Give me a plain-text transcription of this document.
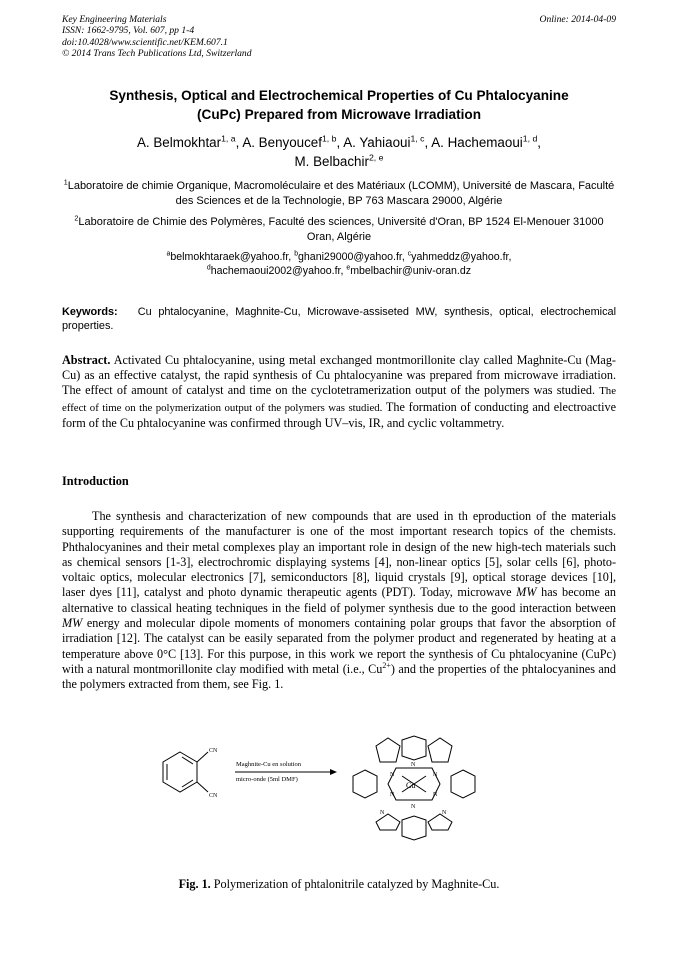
Key Engineering Materials
ISSN: 1662-9795, Vol. 607, pp 1-4
doi:10.4028/www.scientific.net/KEM.607.1
© 2014 Trans Tech Publications Ltd, Switzerland
Online: 2014-04-09
Synthesis, Optical and Electrochemical Properties of Cu Phtalocyanine
(CuPc) Prepared from Microwave Irradiation
A. Belmokhtar$^{1, a}$, A. Benyoucef$^{1, b}$, A. Yahiaoui$^{1, c}$, A. Hachemaoui$^{1, d}$,
M. Belbachir$^{2, e}$
$^1$Laboratoire de chimie Organique, Macromoléculaire et des Matériaux (LCOMM), Université de Mascara, Faculté des Sciences et de la Technologie, BP 763 Mascara 29000, Algérie
$^2$Laboratoire de Chimie des Polymères, Faculté des sciences, Université d'Oran, BP 1524 El-Menouer 31000 Oran, Algérie
$^a$belmokhtaraek@yahoo.fr, $^b$ghani29000@yahoo.fr, $^c$yahmeddz@yahoo.fr,
$^d$hachemaoui2002@yahoo.fr, $^e$mbelbachir@univ-oran.dz
Keywords: Cu phtalocyanine, Maghnite-Cu, Microwave-assiseted MW, synthesis, optical, electrochemical properties.
Abstract. Activated Cu phtalocyanine, using metal exchanged montmorillonite clay called Maghnite-Cu (Mag-Cu) as an effective catalyst, the rapid synthesis of Cu phtalocyanine was prepared from microwave irradiation. The effect of amount of catalyst and time on the cyclotetramerization output of the polymers was studied. The effect of time on the polymerization output of the polymers was studied. The formation of conducting and electroactive form of the Cu phtalocyanine was confirmed through UV–vis, IR, and cyclic voltammetry.
Introduction
The synthesis and characterization of new compounds that are used in th eproduction of the materials supporting requirements of the manufacturer is one of the most important research topics of the chemists. Phthalocyanines and their metal complexes play an important role in design of the new high-tech materials such as chemical sensors [1-3], electrochromic displaying systems [4], non-linear optics [5], solar cells [6], photo-voltaic optics, molecular electronics [7], semiconductors [8], liquid crystals [9], optical storage devices [10], laser dyes [11], catalyst and photo dynamic therapeutic agents (PDT). Today, microwave MW has become an alternative to classical heating techniques in the field of polymer synthesis due to the good interaction between MW energy and molecular dipole moments of monomers containing polar groups that favor the absorption of irradiation [12]. The catalyst can be easily separated from the polymer product and regenerated by heating at a temperature above 0°C [13]. For this purpose, in this work we report the synthesis of Cu phtalocyanine (CuPc) with a natural montmorillonite clay modified with metal (i.e., $Cu^{2+}$) and the properties of the phtalocyanines and the polymers extracted from them, see Fig. 1.
CN
CN
Maghnite-Cu en solution
micro-onde (5ml DMF)
Cu
N
N
N	N
N	N
N	N
Fig. 1. Polymerization of phtalonitrile catalyzed by Maghnite-Cu.
